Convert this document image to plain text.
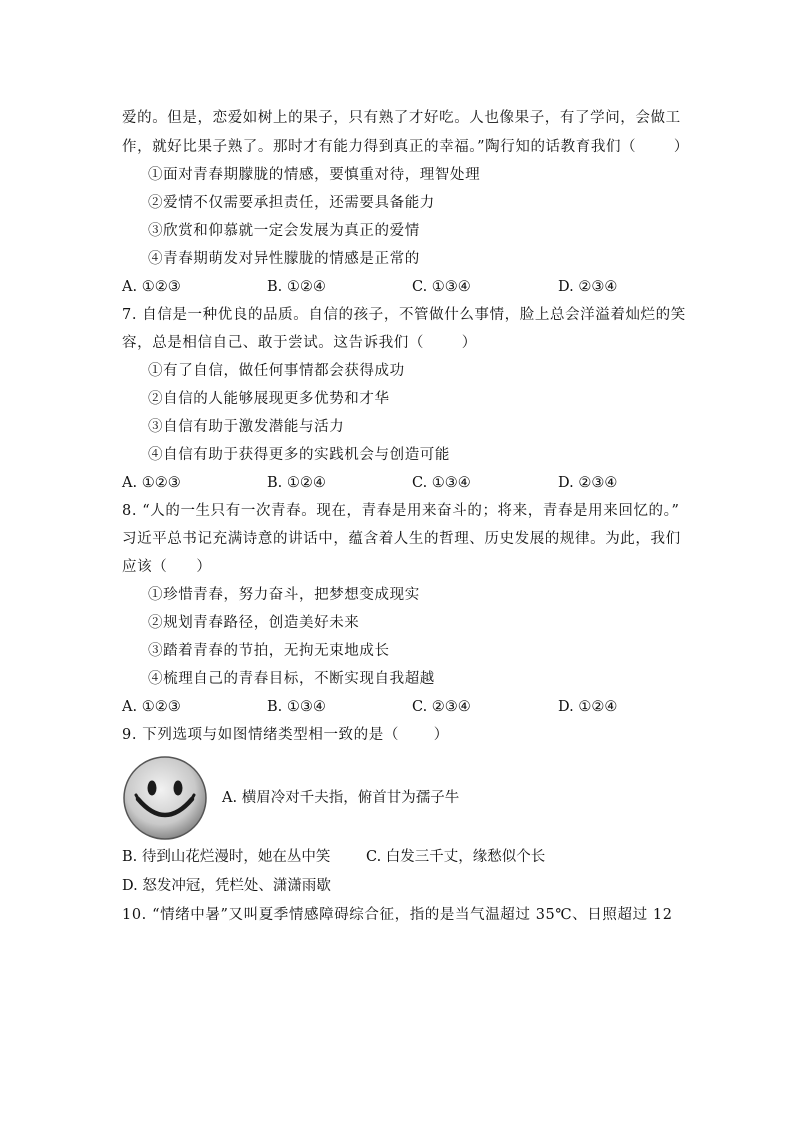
爱的。但是，恋爱如树上的果子，只有熟了才好吃。人也像果子，有了学问，会做工
作，就好比果子熟了。那时才有能力得到真正的幸福。”陶行知的话教育我们（	）
①面对青春期朦胧的情感，要慎重对待，理智处理
②爱情不仅需要承担责任，还需要具备能力
③欣赏和仰慕就一定会发展为真正的爱情
④青春期萌发对异性朦胧的情感是正常的
A. ①②③	B. ①②④	C. ①③④	D. ②③④
7. 自信是一种优良的品质。自信的孩子，不管做什么事情，脸上总会洋溢着灿烂的笑
容，总是相信自己、敢于尝试。这告诉我们（	）
①有了自信，做任何事情都会获得成功
②自信的人能够展现更多优势和才华
③自信有助于激发潜能与活力
④自信有助于获得更多的实践机会与创造可能
A. ①②③	B. ①②④	C. ①③④	D. ②③④
8. “人的一生只有一次青春。现在，青春是用来奋斗的；将来，青春是用来回忆的。”
习近平总书记充满诗意的讲话中，蕴含着人生的哲理、历史发展的规律。为此，我们
应该（ ）
①珍惜青春，努力奋斗，把梦想变成现实
②规划青春路径，创造美好未来
③踏着青春的节拍，无拘无束地成长
④梳理自己的青春目标，不断实现自我超越
A. ①②③	B. ①③④	C. ②③④	D. ①②④
9. 下列选项与如图情绪类型相一致的是（ ）
A. 横眉冷对千夫指，俯首甘为孺子牛
B. 待到山花烂漫时，她在丛中笑 C. 白发三千丈，缘愁似个长
D. 怒发冲冠，凭栏处、潇潇雨歇
10. “情绪中暑”又叫夏季情感障碍综合征，指的是当气温超过 35℃、日照超过 12
